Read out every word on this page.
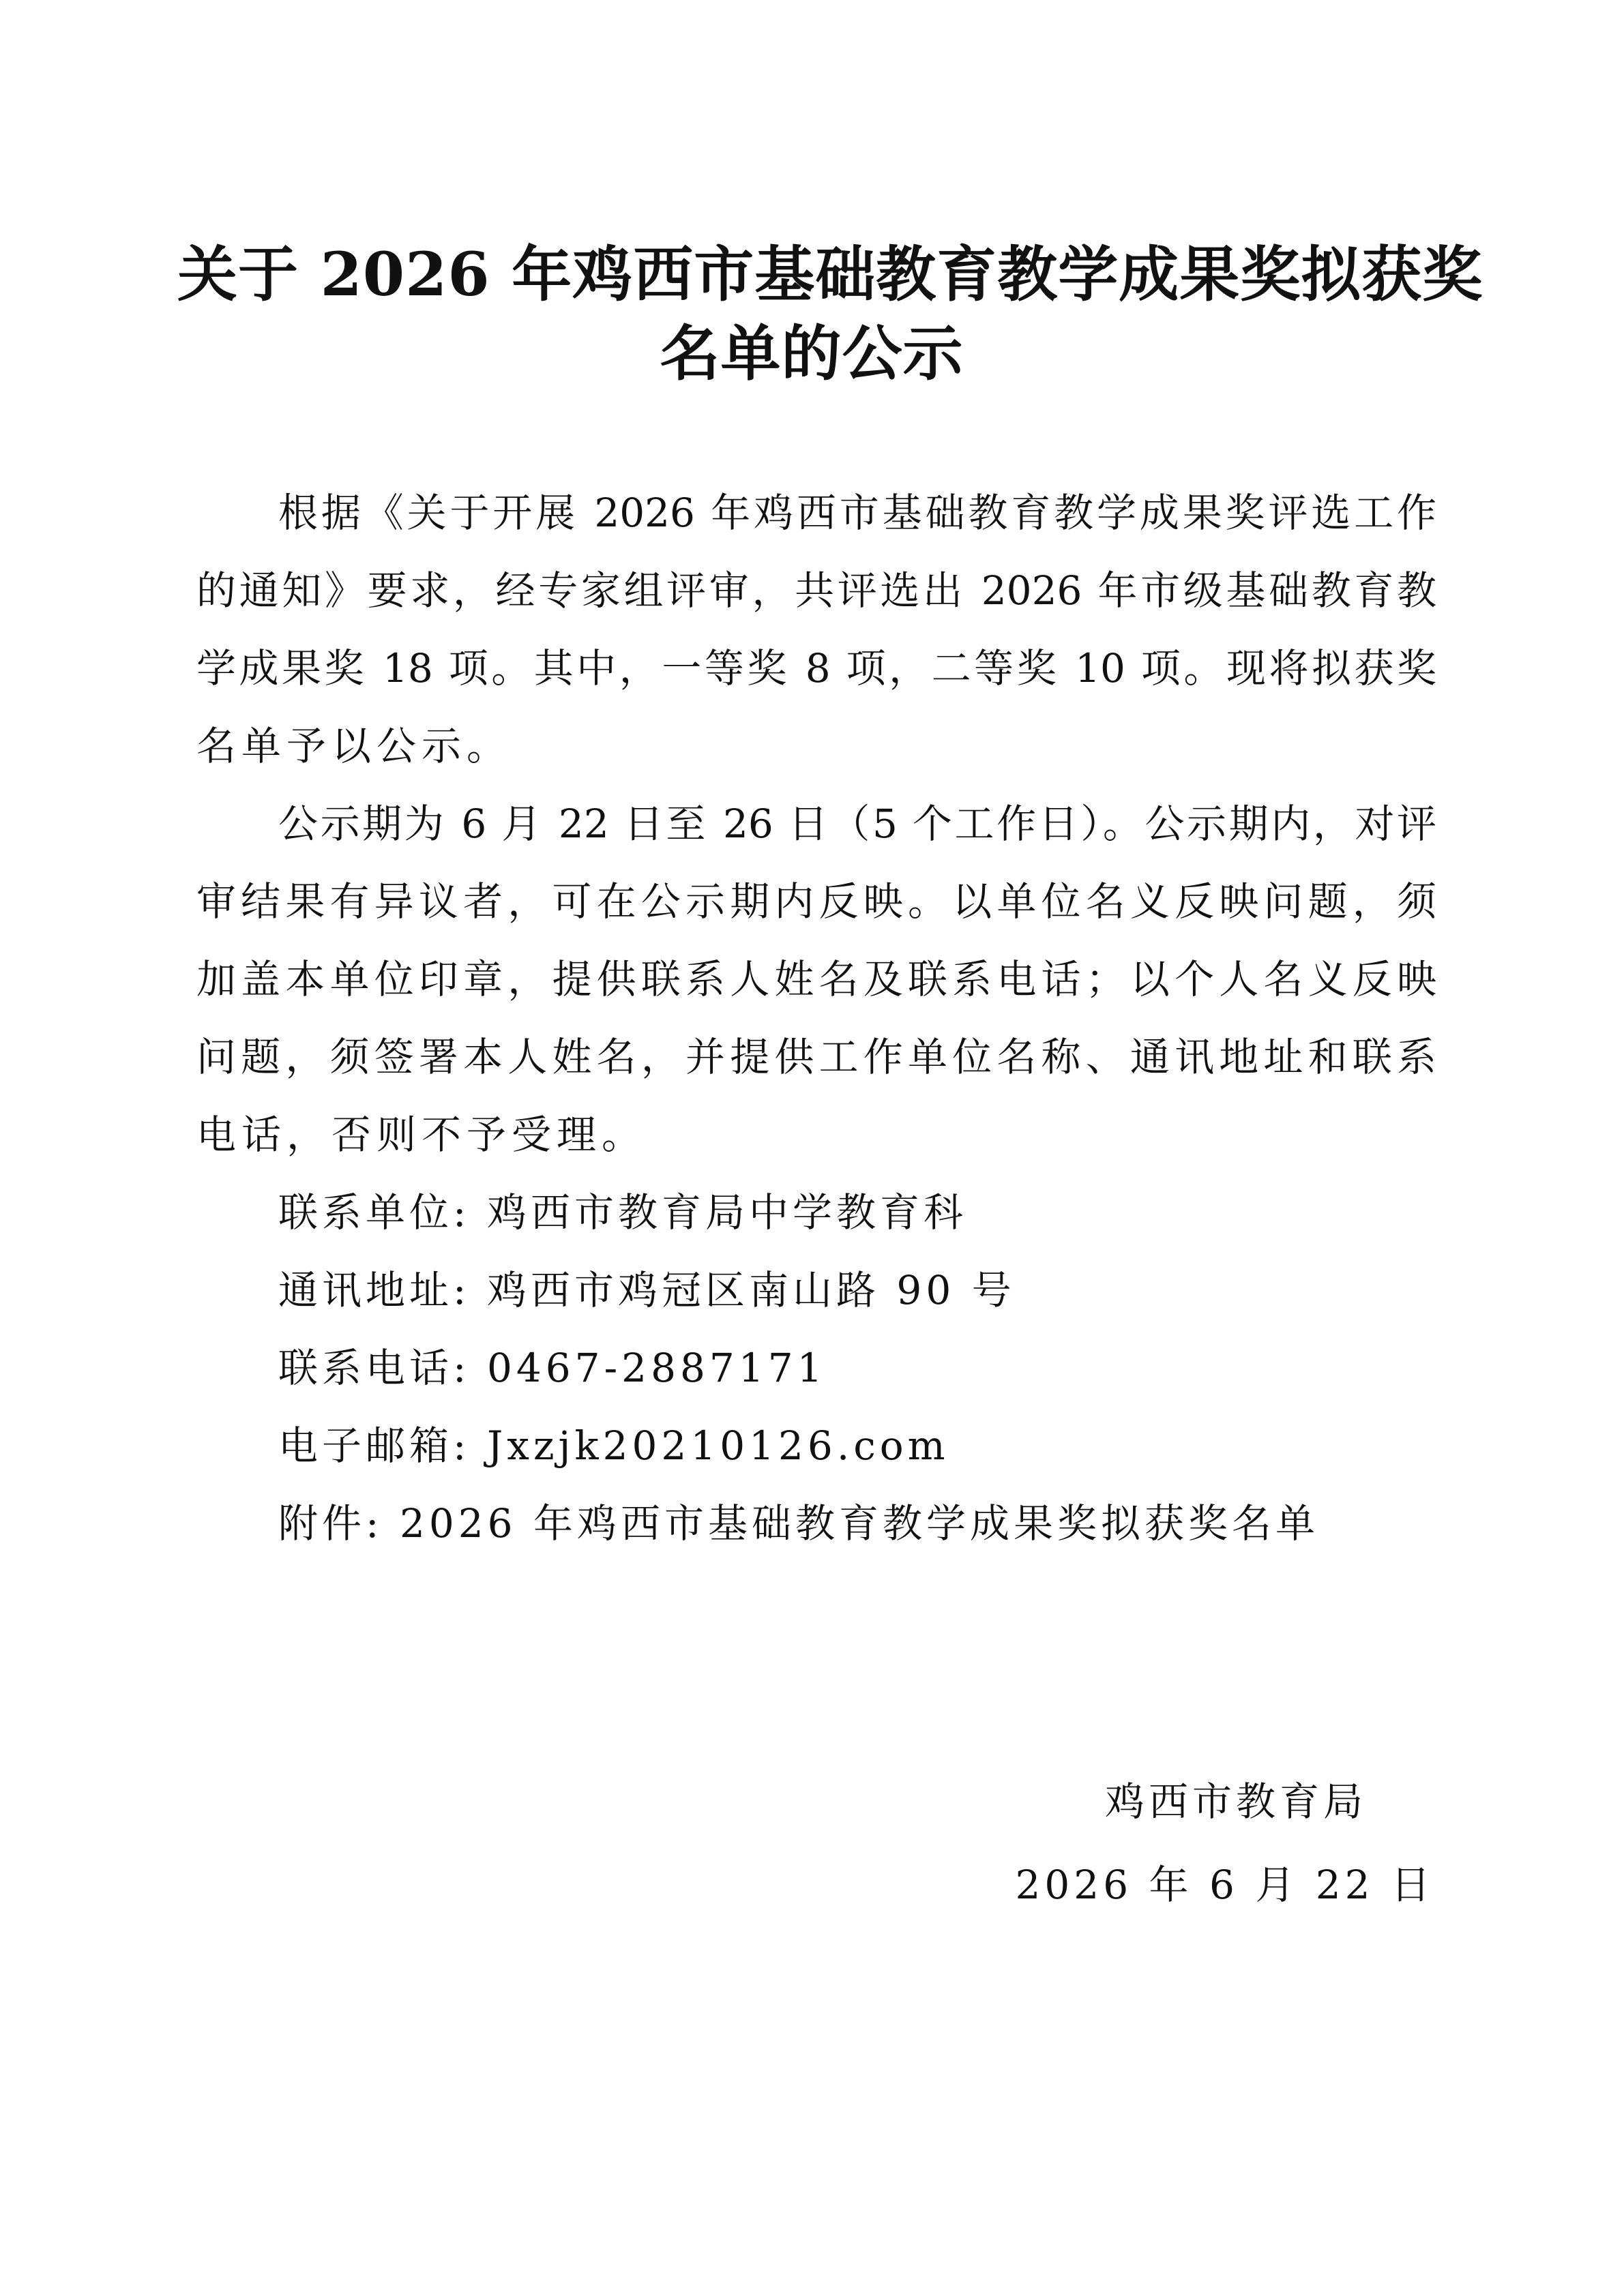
关于 2026 年鸡西市基础教育教学成果奖拟获奖
名单的公示

根据《关于开展 2026 年鸡西市基础教育教学成果奖评选工作

的通知》要求，经专家组评审，共评选出 2026 年市级基础教育教

学成果奖 18 项。其中，一等奖 8 项，二等奖 10 项。现将拟获奖

名单予以公示。

公示期为 6 月 22 日至 26 日（5 个工作日）。公示期内，对评

审结果有异议者，可在公示期内反映。以单位名义反映问题，须

加盖本单位印章，提供联系人姓名及联系电话；以个人名义反映

问题，须签署本人姓名，并提供工作单位名称、通讯地址和联系

电话，否则不予受理。

联系单位: 鸡西市教育局中学教育科

通讯地址: 鸡西市鸡冠区南山路 90 号

联系电话: 0467-2887171

电子邮箱: Jxzjk20210126.com

附件: 2026 年鸡西市基础教育教学成果奖拟获奖名单

鸡西市教育局
2026 年 6 月 22 日
